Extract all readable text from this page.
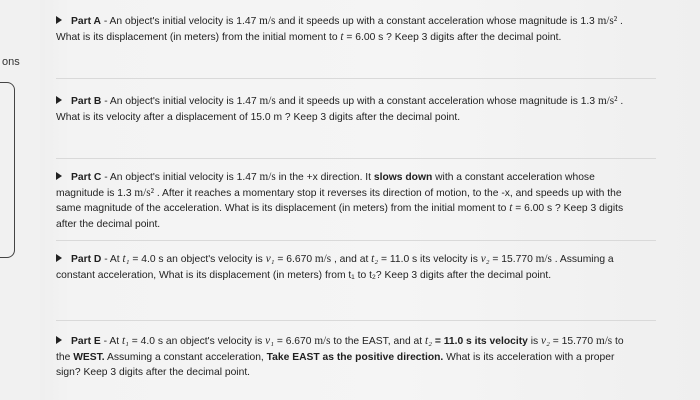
ons

Part A - An object's initial velocity is 1.47 m/s and it speeds up with a constant acceleration whose magnitude is 1.3 m/s² . What is its displacement (in meters) from the initial moment to t = 6.00 s ? Keep 3 digits after the decimal point.

Part B - An object's initial velocity is 1.47 m/s and it speeds up with a constant acceleration whose magnitude is 1.3 m/s² . What is its velocity after a displacement of 15.0 m ? Keep 3 digits after the decimal point.

Part C - An object's initial velocity is 1.47 m/s in the +x direction. It slows down with a constant acceleration whose magnitude is 1.3 m/s² . After it reaches a momentary stop it reverses its direction of motion, to the -x, and speeds up with the same magnitude of the acceleration. What is its displacement (in meters) from the initial moment to t = 6.00 s ? Keep 3 digits after the decimal point.

Part D - At t₁ = 4.0 s an object's velocity is v₁ = 6.670 m/s , and at t₂ = 11.0 s its velocity is v₂ = 15.770 m/s . Assuming a constant acceleration, What is its displacement (in meters) from t₁ to t₂? Keep 3 digits after the decimal point.

Part E - At t₁ = 4.0 s an object's velocity is v₁ = 6.670 m/s to the EAST, and at t₂ = 11.0 s its velocity is v₂ = 15.770 m/s to the WEST. Assuming a constant acceleration, Take EAST as the positive direction. What is its acceleration with a proper sign? Keep 3 digits after the decimal point.
